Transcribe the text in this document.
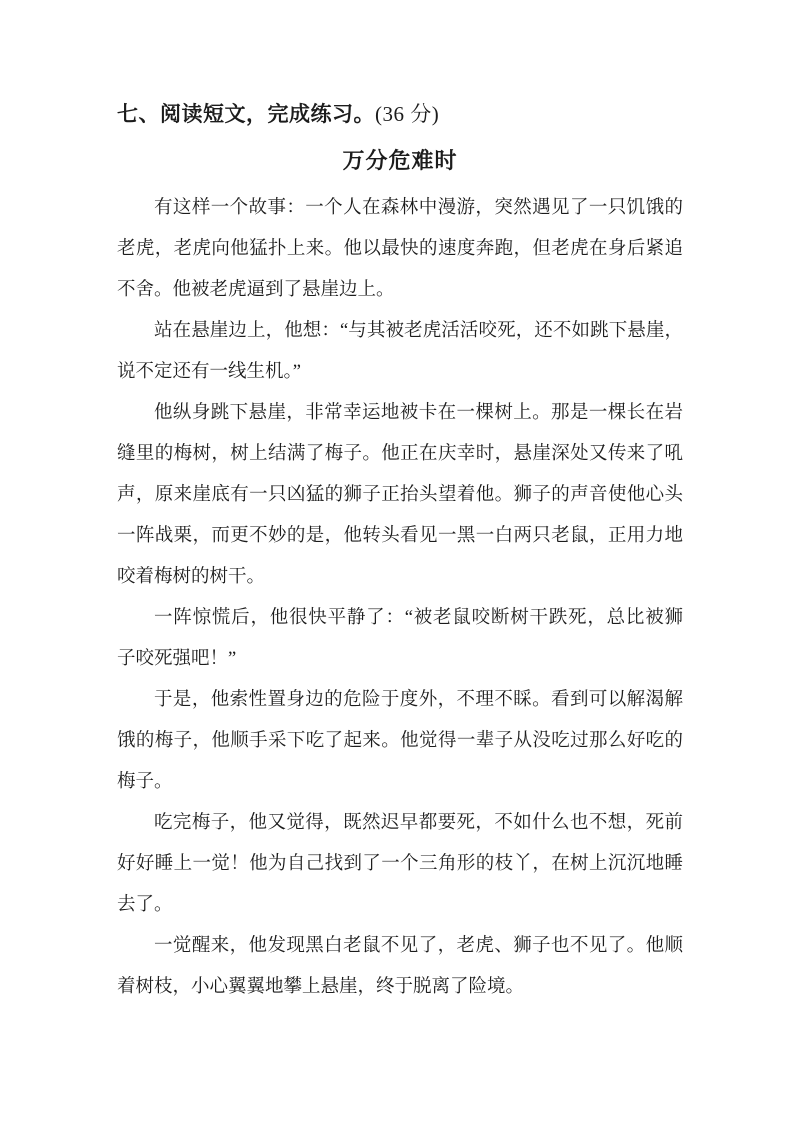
七、阅读短文，完成练习。(36 分)
万分危难时
有这样一个故事：一个人在森林中漫游，突然遇见了一只饥饿的
老虎，老虎向他猛扑上来。他以最快的速度奔跑，但老虎在身后紧追
不舍。他被老虎逼到了悬崖边上。
站在悬崖边上，他想：“与其被老虎活活咬死，还不如跳下悬崖，
说不定还有一线生机。”
他纵身跳下悬崖，非常幸运地被卡在一棵树上。那是一棵长在岩
缝里的梅树，树上结满了梅子。他正在庆幸时，悬崖深处又传来了吼
声，原来崖底有一只凶猛的狮子正抬头望着他。狮子的声音使他心头
一阵战栗，而更不妙的是，他转头看见一黑一白两只老鼠，正用力地
咬着梅树的树干。
一阵惊慌后，他很快平静了：“被老鼠咬断树干跌死，总比被狮
子咬死强吧！”
于是，他索性置身边的危险于度外，不理不睬。看到可以解渴解
饿的梅子，他顺手采下吃了起来。他觉得一辈子从没吃过那么好吃的
梅子。
吃完梅子，他又觉得，既然迟早都要死，不如什么也不想，死前
好好睡上一觉！他为自己找到了一个三角形的枝丫，在树上沉沉地睡
去了。
一觉醒来，他发现黑白老鼠不见了，老虎、狮子也不见了。他顺
着树枝，小心翼翼地攀上悬崖，终于脱离了险境。
